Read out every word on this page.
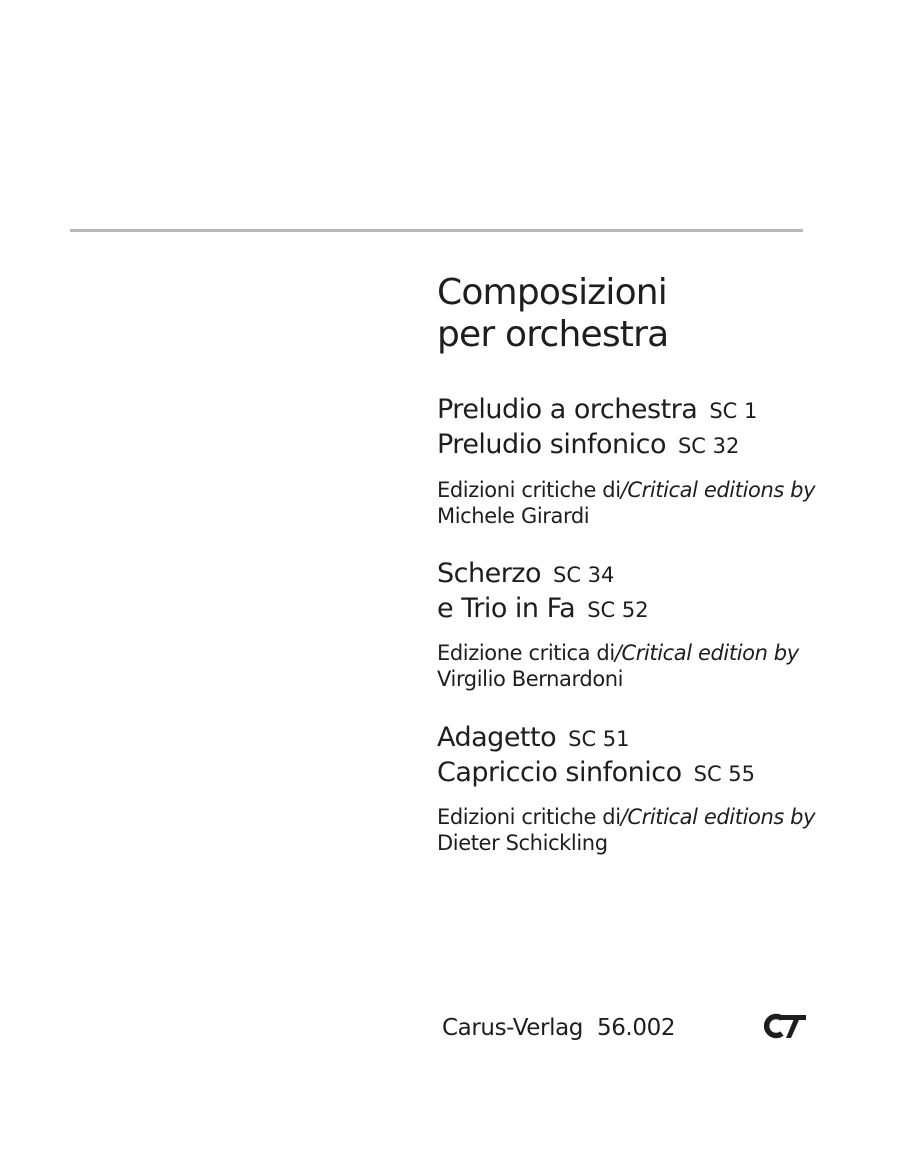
Composizioni
per orchestra
Preludio a orchestra SC 1
Preludio sinfonico SC 32
Edizioni critiche di/Critical editions by
Michele Girardi
Scherzo SC 34
e Trio in Fa SC 52
Edizione critica di/Critical edition by
Virgilio Bernardoni
Adagetto SC 51
Capriccio sinfonico SC 55
Edizioni critiche di/Critical editions by
Dieter Schickling
Carus-Verlag 56.002
